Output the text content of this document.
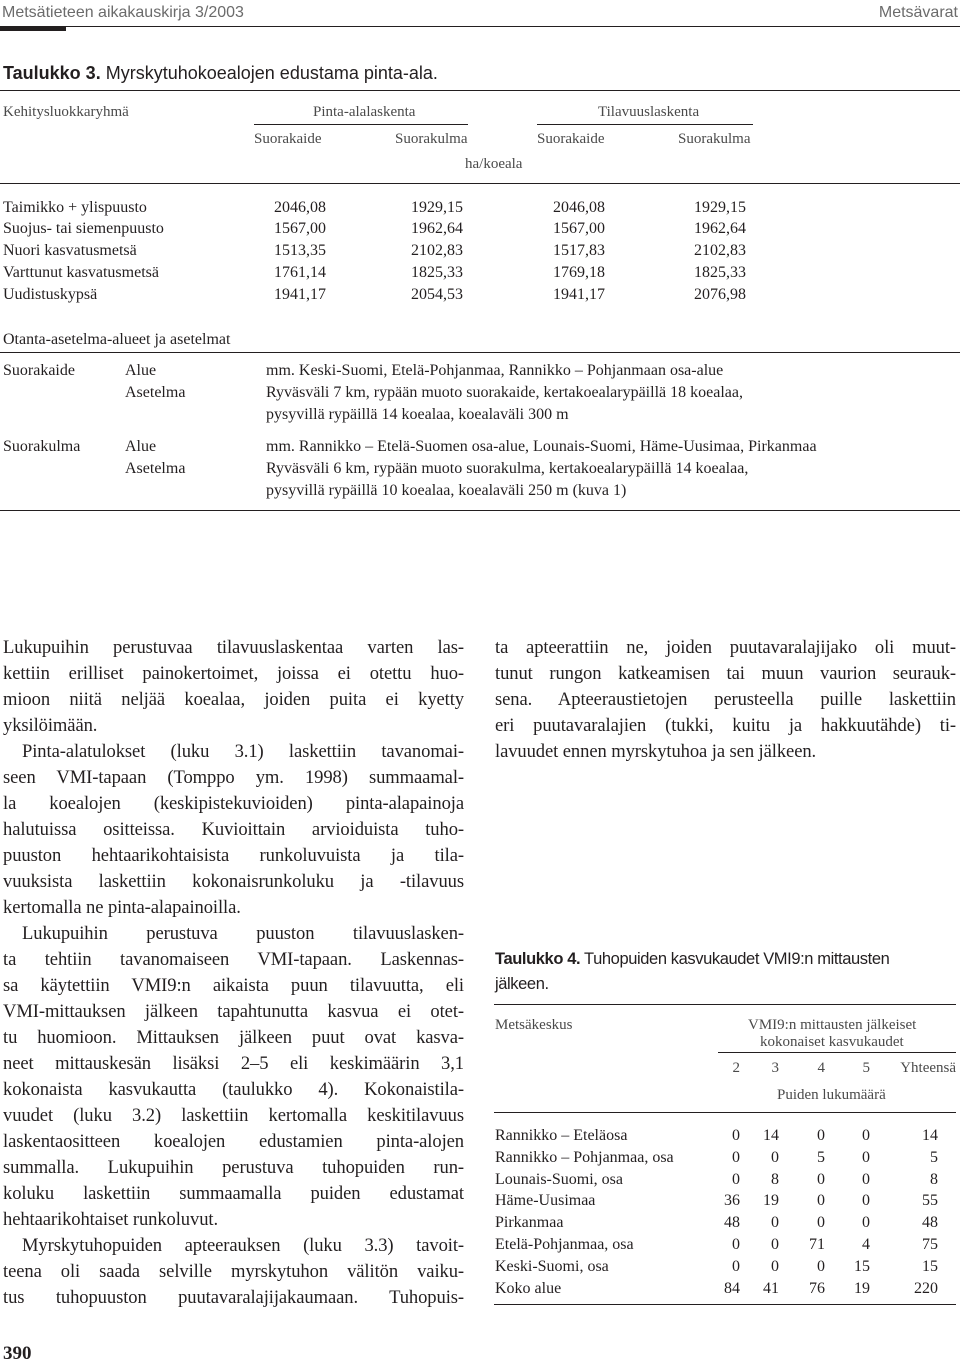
Metsätieteen aikakauskirja 3/2003	Metsävarat
Taulukko 3. Myrskytuhokoealojen edustama pinta-ala.
Kehitysluokkaryhmä	Pinta-alalaskenta	Tilavuuslaskenta
Suorakaide	Suorakulma	Suorakaide	Suorakulma
ha/koeala
Taimikko + ylispuusto	2046,08	1929,15	2046,08	1929,15
Suojus- tai siemenpuusto	1567,00	1962,64	1567,00	1962,64
Nuori kasvatusmetsä	1513,35	2102,83	1517,83	2102,83
Varttunut kasvatusmetsä	1761,14	1825,33	1769,18	1825,33
Uudistuskypsä	1941,17	2054,53	1941,17	2076,98
Otanta-asetelma-alueet ja asetelmat
Suorakaide	Alue	mm. Keski-Suomi, Etelä-Pohjanmaa, Rannikko – Pohjanmaan osa-alue
Asetelma	Ryväsväli 7 km, rypään muoto suorakaide, kertakoealarypäillä 18 koealaa,
pysyvillä rypäillä 14 koealaa, koealaväli 300 m
Suorakulma	Alue	mm. Rannikko – Etelä-Suomen osa-alue, Lounais-Suomi, Häme-Uusimaa, Pirkanmaa
Asetelma	Ryväsväli 6 km, rypään muoto suorakulma, kertakoealarypäillä 14 koealaa,
pysyvillä rypäillä 10 koealaa, koealaväli 250 m (kuva 1)
Lukupuihin perustuvaa tilavuuslaskentaa varten las-
kettiin erilliset painokertoimet, joissa ei otettu huo-
mioon niitä neljää koealaa, joiden puita ei kyetty
yksilöimään.
Pinta-alatulokset (luku 3.1) laskettiin tavanomai-
seen VMI-tapaan (Tomppo ym. 1998) summaamal-
la koealojen (keskipistekuvioiden) pinta-alapainoja
halutuissa ositteissa. Kuvioittain arvioiduista tuho-
puuston hehtaarikohtaisista runkoluvuista ja tila-
vuuksista laskettiin kokonaisrunkoluku ja -tilavuus
kertomalla ne pinta-alapainoilla.
Lukupuihin perustuva puuston tilavuuslasken-
ta tehtiin tavanomaiseen VMI-tapaan. Laskennas-
sa käytettiin VMI9:n aikaista puun tilavuutta, eli
VMI-mittauksen jälkeen tapahtunutta kasvua ei otet-
tu huomioon. Mittauksen jälkeen puut ovat kasva-
neet mittauskesän lisäksi 2–5 eli keskimäärin 3,1
kokonaista kasvukautta (taulukko 4). Kokonaistila-
vuudet (luku 3.2) laskettiin kertomalla keskitilavuus
laskentaositteen koealojen edustamien pinta-alojen
summalla. Lukupuihin perustuva tuhopuiden run-
koluku laskettiin summaamalla puiden edustamat
hehtaarikohtaiset runkoluvut.
Myrskytuhopuiden apteerauksen (luku 3.3) tavoit-
teena oli saada selville myrskytuhon välitön vaiku-
tus tuhopuuston puutavaralajijakaumaan. Tuhopuis-
ta apteerattiin ne, joiden puutavaralajijako oli muut-
tunut rungon katkeamisen tai muun vaurion seurauk-
sena. Apteeraustietojen perusteella puille laskettiin
eri puutavaralajien (tukki, kuitu ja hakkuutähde) ti-
lavuudet ennen myrskytuhoa ja sen jälkeen.
Taulukko 4. Tuhopuiden kasvukaudet VMI9:n mittausten
jälkeen.
Metsäkeskus	VMI9:n mittausten jälkeiset
kokonaiset kasvukaudet
2 3	4	5 Yhteensä
Puiden lukumäärä
Rannikko – Eteläosa	0 14 0 0	14
Rannikko – Pohjanmaa, osa	0 0 5 0	5
Lounais-Suomi, osa	0 8 0 0	8
Häme-Uusimaa	36 19 0 0	55
Pirkanmaa	48 0 0 0	48
Etelä-Pohjanmaa, osa	0 0 71 4	75
Keski-Suomi, osa	0 0 0 15	15
Koko alue	84 41 76 19	220
390
